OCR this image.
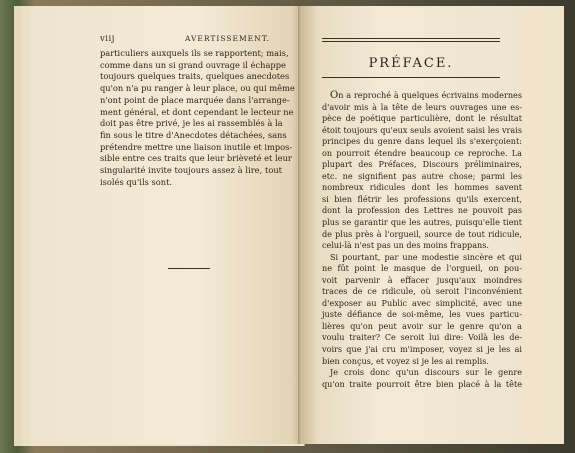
viij	AVERTISSEMENT.
particuliers auxquels ils se rapportent; mais,
comme dans un si grand ouvrage il échappe
toujours quelques traits, quelques anecdotes
qu'on n'a pu ranger à leur place, ou qui même
n'ont point de place marquée dans l'arrange-
ment général, et dont cependant le lecteur ne
doit pas être privé, je les ai rassemblés à la
fin sous le titre d'Anecdotes détachées, sans
prétendre mettre une liaison inutile et impos-
sible entre ces traits que leur brièveté et leur
singularité invite toujours assez à lire, tout
isolés qu'ils sont.
PRÉFACE.
On a reproché à quelques écrivains modernes
d'avoir mis à la tête de leurs ouvrages une es-
pèce de poétique particulière, dont le résultat
étoit toujours qu'eux seuls avoient saisi les vrais
principes du genre dans lequel ils s'exerçoient:
on pourroit étendre beaucoup ce reproche. La
plupart des Préfaces, Discours préliminaires,
etc. ne signifient pas autre chose; parmi les
nombreux ridicules dont les hommes savent
si bien flétrir les professions qu'ils exercent,
dont la profession des Lettres ne pouvoit pas
plus se garantir que les autres, puisqu'elle tient
de plus près à l'orgueil, source de tout ridicule,
celui-là n'est pas un des moins frappans.
Si pourtant, par une modestie sincère et qui
ne fût point le masque de l'orgueil, on pou-
voit parvenir à effacer jusqu'aux moindres
traces de ce ridicule, où seroit l'inconvénient
d'exposer au Public avec simplicité, avec une
juste défiance de soi-même, les vues particu-
lières qu'on peut avoir sur le genre qu'on a
voulu traiter? Ce seroit lui dire: Voilà les de-
voirs que j'ai cru m'imposer, voyez si je les ai
bien conçus, et voyez si je les ai remplis.
Je crois donc qu'un discours sur le genre
qu'on traite pourroit être bien placé à la tête
